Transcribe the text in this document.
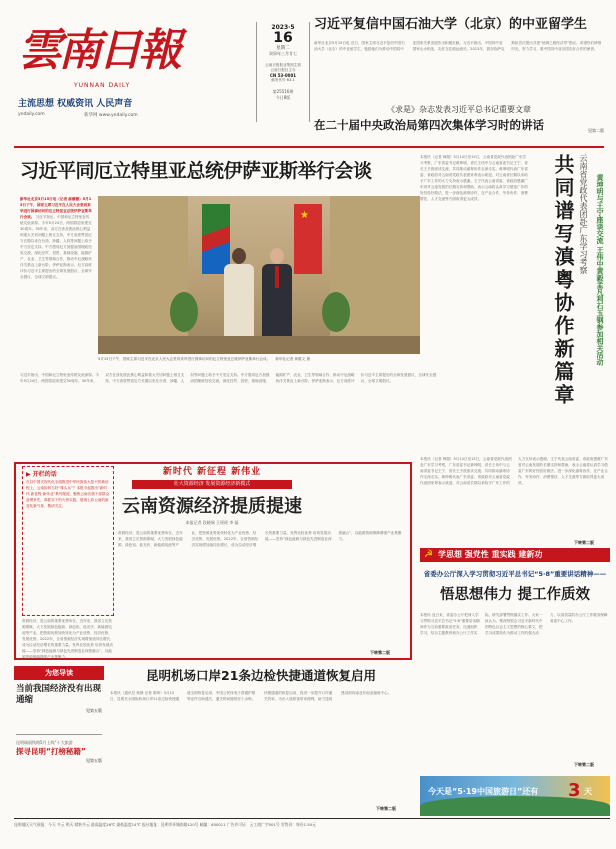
雲南日報
YUNNAN DAILY
主流思想 权威资讯 人民声音
yndaily.com	新华网 www.yndaily.com
2023·5
16
星期二
癸卯年三月廿七
云南日报报业集团主管
云南日报社主办
CN 53-0001
邮发代号 63-1
第25516期
今日8版
习近平复信中国石油大学（北京）的中亚留学生
新华社北京5月15日电 近日，国家主席习近平复信中国石油大学（北京）的中亚留学生，勉励他们为推动中国同中亚国家关系发展作出积极贡献。习近平指出，中国同中亚国家山水相连，友好交往源远流长。2013年，我在哈萨克斯坦首次提出共建“丝绸之路经济带”倡议。希望你们珍惜时光，努力学习，做中国同中亚各国友好合作的使者。
《求是》杂志发表习近平总书记重要文章
在二十届中央政治局第四次集体学习时的讲话	见第二版
习近平同厄立特里亚总统伊萨亚斯举行会谈
新华社北京5月15日电（记者 郝薇薇）5月15日下午，国家主席习近平在人民大会堂同来华进行国事访问的厄立特里亚总统伊萨亚斯举行会谈。 习近平指出，中国和厄立特里亚传统友谊深厚。今年5月24日，两国将迎来建交30周年。30年来，双方在涉及彼此核心利益和重大关切问题上相互支持，中方高度赞赏厄方长期以来在台湾、涉疆、人权等问题上给予中方坚定支持。中方愿同厄方加强治国理政经验交流，深化经贸、投资、基础设施、能源矿产、农业、卫生等领域合作，推动中厄战略伙伴关系迈上新台阶。伊萨亚斯表示，厄方高度评价习近平主席提出的全球发展倡议、全球安全倡议、全球文明倡议。
★
5月15日下午，国家主席习近平在北京人民大会堂同来华进行国事访问的厄立特里亚总统伊萨亚斯举行会谈。 新华社记者 黄敬文 摄
习近平指出，中国和厄立特里亚传统友谊深厚。今年5月24日，两国将迎来建交30周年。30年来，双方在涉及彼此核心利益和重大关切问题上相互支持，中方高度赞赏厄方长期以来在台湾、涉疆、人权等问题上给予中方坚定支持。中方愿同厄方加强治国理政经验交流，深化经贸、投资、基础设施、能源矿产、农业、卫生等领域合作，推动中厄战略伙伴关系迈上新台阶。伊萨亚斯表示，厄方高度评价习近平主席提出的全球发展倡议、全球安全倡议、全球文明倡议。
黄坤明与王宁座谈交流 王伟中黄毅孟凡利石玉钢参加相关活动
云南省党政代表团赴广东学习考察
共同谱写滇粤协作新篇章
本报讯（记者 韩超）5月14日至15日，云南省党政代表团赴广东学习考察，广东省委书记黄坤明、省长王伟中与云南省委书记王宁、省长王予波座谈交流，共同推动滇粤协作走深走实。黄坤明代表广东省委、省政府对云南省党政代表团来粤表示欢迎，对云南省长期以来给予广东工作的大力支持表示感谢。王宁代表云南省委、省政府感谢广东省对云南发展的长期支持和帮助，表示云南将认真学习借鉴广东的好经验好做法，进一步深化滇粤协作，在产业合作、劳务协作、消费帮扶、人才交流等方面取得更大成效。
本报讯（记者 韩超）5月14日至15日，云南省党政代表团赴广东学习考察，广东省委书记黄坤明、省长王伟中与云南省委书记王宁、省长王予波座谈交流，共同推动滇粤协作走深走实。黄坤明代表广东省委、省政府对云南省党政代表团来粤表示欢迎，对云南省长期以来给予广东工作的大力支持表示感谢。王宁代表云南省委、省政府感谢广东省对云南发展的长期支持和帮助，表示云南将认真学习借鉴广东的好经验好做法，进一步深化滇粤协作，在产业合作、劳务协作、消费帮扶、人才交流等方面取得更大成效。
下转第二版
新时代 新征程 新伟业
壮大资源经济 发展资源经济新模式
云南资源经济提质提速
本报记者 段晓瑞 王瑶瑶 李 磊
▶ 开栏的话
在以中国式现代化全面推进中华民族伟大复兴的新征程上，云南如何当好“排头兵”？本报今起推出“新时代 新征程 新伟业”系列报道，聚焦云南各族干部群众奋勇争先、真抓实干的火热实践，展现七彩云南的新变化新气象，敬请关注。
资源经济，是云南的重要优势所在。近年来，我省立足资源禀赋，大力发展绿色能源、绿色铝、硅光伏、新能源电池等产业，把资源优势加快转化为产业优势、经济优势、发展优势。2022年，全省资源经济实现增加值同比增长，成为拉动经济增长的重要力量。发挥比较优势 培育发展动能——坚持“绿色能源与绿色先进制造业深度融合”，以能源资源保障增强产业集聚力。
资源经济，是云南的重要优势所在。近年来，我省立足资源禀赋，大力发展绿色能源、绿色铝、硅光伏、新能源电池等产业，把资源优势加快转化为产业优势、经济优势、发展优势。2022年，全省资源经济实现增加值同比增长，成为拉动经济增长的重要力量。发挥比较优势 培育发展动能——坚持“绿色能源与绿色先进制造业深度融合”，以能源资源保障增强产业集聚力。
下转第二版
☭ 学思想 强党性 重实践 建新功
省委办公厅深入学习贯彻习近平总书记“5·8”重要讲话精神——
悟思想伟力 提工作质效
本报讯 连日来，省委办公厅把深入学习贯彻习近平总书记“5·8”重要讲话精神作为当前重要政治任务，迅速组织学习，结合主题教育和办公厅工作实际，研究部署贯彻落实工作。大家一致认为，要深刻领会习近平新时代中国特色社会主义思想的核心要义，把学习成果转化为推动工作的强大动力，以高质量的办公厅工作服务保障省委中心工作。
下转第二版
为您导读
当前我国经济没有出现通缩
见第五版
昆明瑞丽铁路5月上线“十大旅游
探寻昆明“打榜秘籍”
见第五版
昆明机场口岸21条边检快捷通道恢复启用
本报讯（通讯员 杨静 记者 陈琦）5月15日，昆明长水国际机场口岸21条边检快捷通道全面恢复启用，中国公民持电子普通护照等证件自助通关，通关时间缩短至十余秒。快捷通道的恢复启用，将进一步提升口岸通关效率，为出入境旅客带来便利，助力昆明建设面向南亚东南亚辐射中心。
下转第二版
今天是“5·19中国旅游日”还有 3 天
昆明地区天气预报：今天 多云 明天 晴转多云 最高温度26℃ 最低温度14℃ 报社地址：昆明市环城南路120号 邮编：650011 广告许可证：云工商广字001号 零售价：每份1.50元
